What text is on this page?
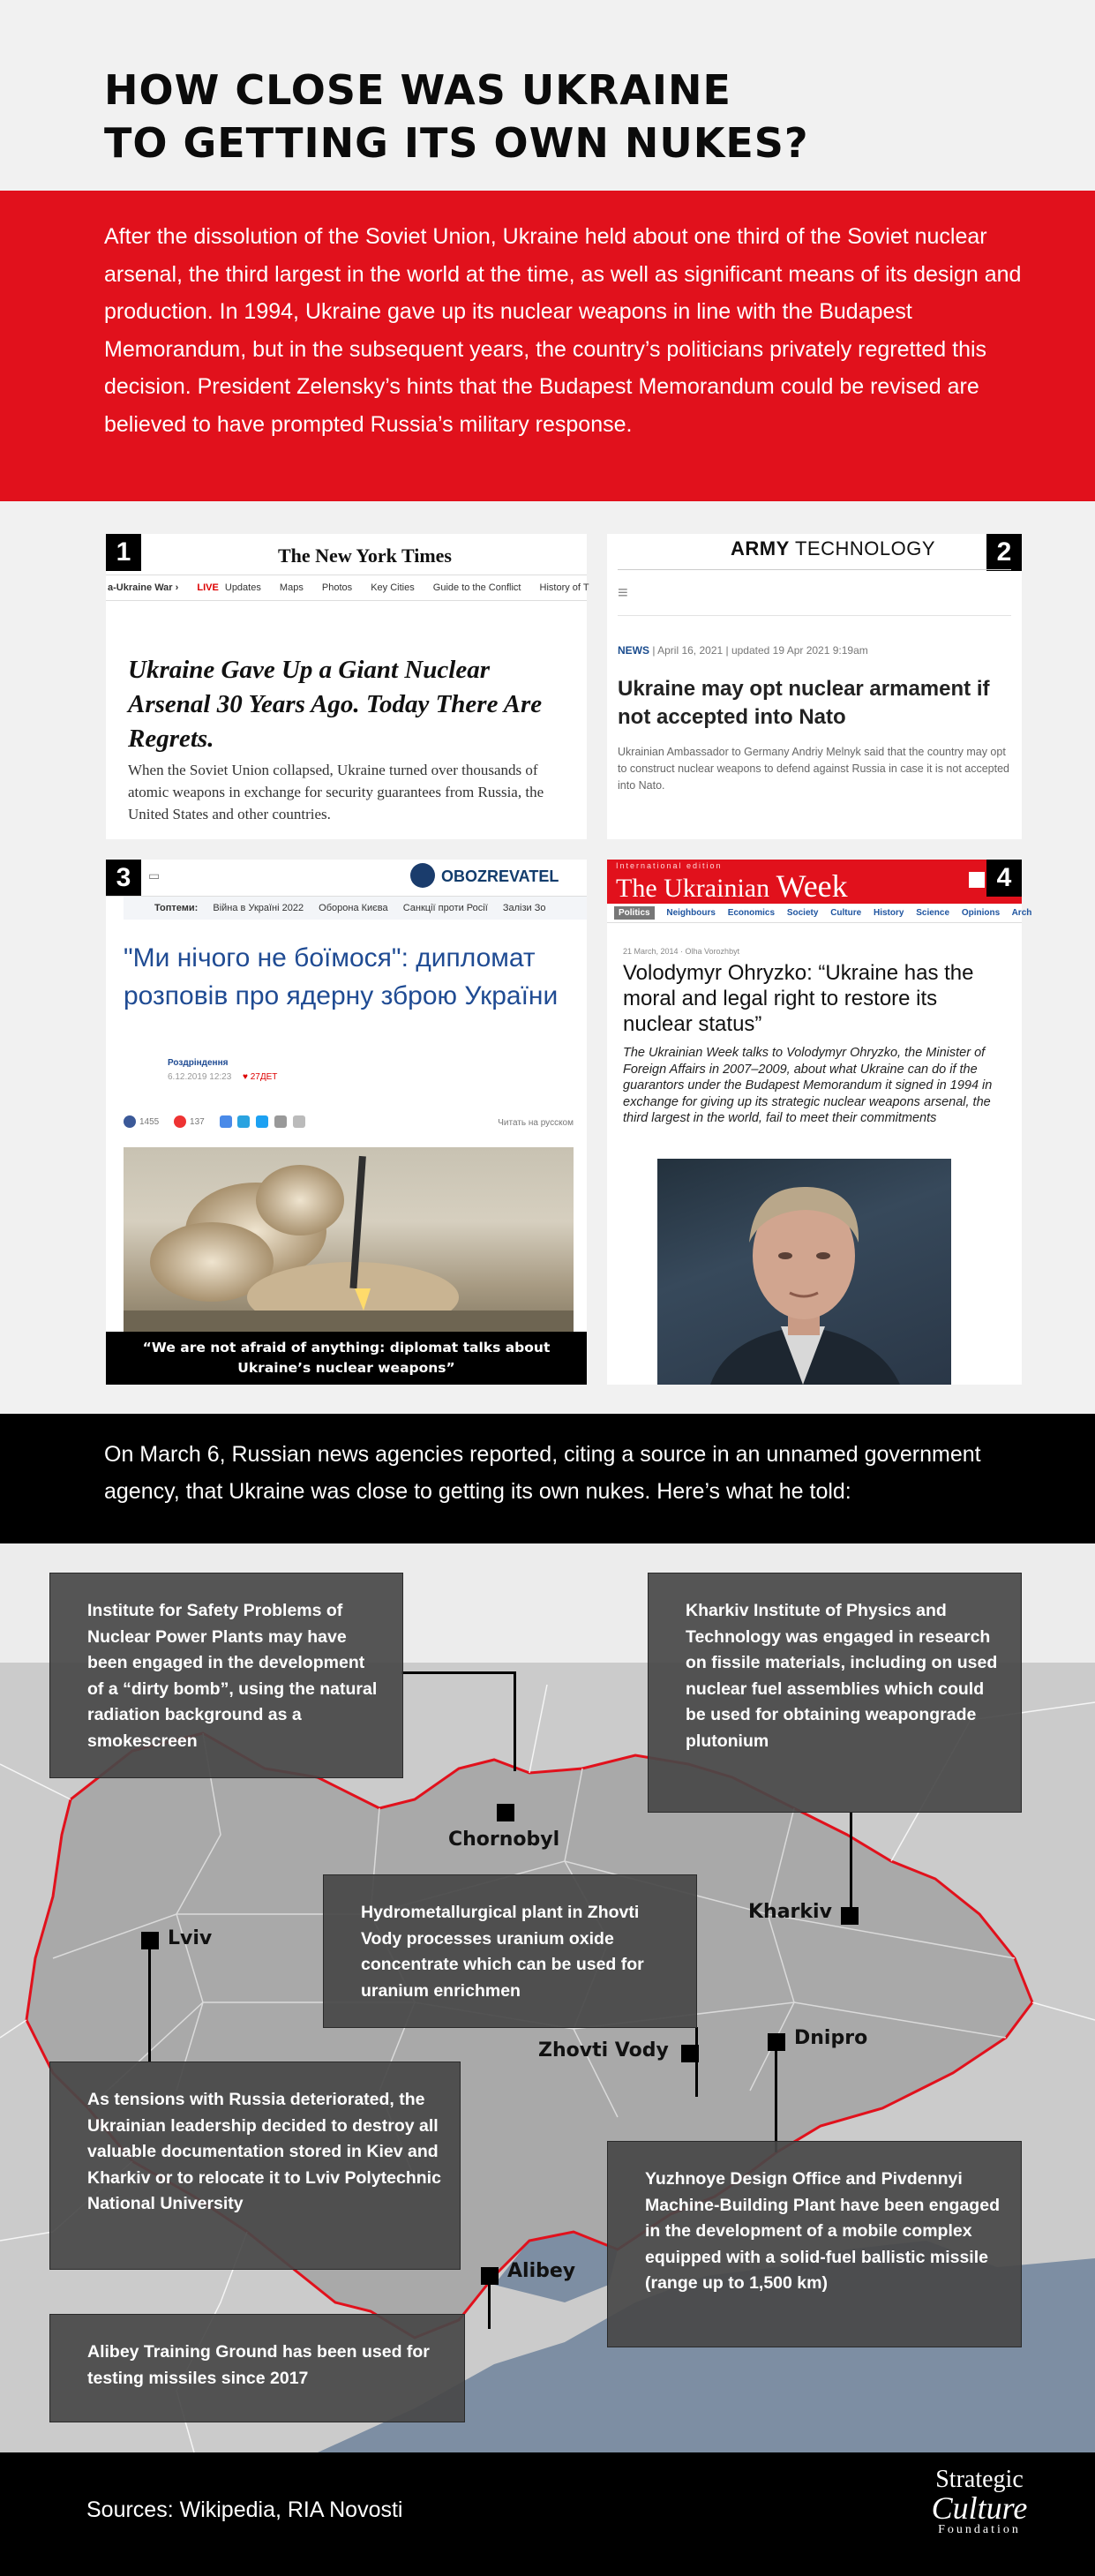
HOW CLOSE WAS UKRAINE
TO GETTING ITS OWN NUKES?

After the dissolution of the Soviet Union, Ukraine held about one third of the Soviet nuclear arsenal, the third largest in the world at the time, as well as significant means of its design and production. In 1994, Ukraine gave up its nuclear weapons in line with the Budapest Memorandum, but in the subsequent years, the country’s politicians privately regretted this decision. President Zelensky’s hints that the Budapest Memorandum could be revised are believed to have prompted Russia’s military response.

1	The New York Times
a-Ukraine War › LIVE Updates Maps Photos Key Cities Guide to the Conflict History of T
Ukraine Gave Up a Giant Nuclear Arsenal 30 Years Ago. Today There Are Regrets.
When the Soviet Union collapsed, Ukraine turned over thousands of atomic weapons in exchange for security guarantees from Russia, the United States and other countries.
2
ARMY TECHNOLOGY
≡
NEWS | April 16, 2021 | updated 19 Apr 2021 9:19am
Ukraine may opt nuclear armament if not accepted into Nato
Ukrainian Ambassador to Germany Andriy Melnyk said that the country may opt to construct nuclear weapons to defend against Russia in case it is not accepted into Nato.
3	▭	OBOZREVATEL
Топтеми: Війна в Україні 2022 Оборона Києва Санкції проти Росії Залізи Зо
"Ми нічого не боїмося": дипломат розповів про ядерну зброю України
Роздріндення
6.12.2019 12:23 ♥ 27ДЕТ
1455	137	Читать на русском
“We are not afraid of anything: diplomat talks about Ukraine’s nuclear weapons”
International edition
The Ukrainian Week	4
Politics Neighbours Economics Society Culture History Science Opinions Arch
21 March, 2014 · Olha Vorozhbyt
Volodymyr Ohryzko: “Ukraine has the moral and legal right to restore its nuclear status”
The Ukrainian Week talks to Volodymyr Ohryzko, the Minister of Foreign Affairs in 2007–2009, about what Ukraine can do if the guarantors under the Budapest Memorandum it signed in 1994 in exchange for giving up its strategic nuclear weapons arsenal, the third largest in the world, fail to meet their commitments

On March 6, Russian news agencies reported, citing a source in an unnamed government agency, that Ukraine was close to getting its own nukes. Here’s what he told:

Chornobyl
Kharkiv
Lviv
Zhovti Vody
Dnipro
Alibey
Institute for Safety Problems of Nuclear Power Plants may have been engaged in the development of a “dirty bomb”, using the natural radiation background as a smokescreen
Kharkiv Institute of Physics and Technology was engaged in research on fissile materials, including on used nuclear fuel assemblies which could be used for obtaining weapongrade plutonium
Hydrometallurgical plant in Zhovti Vody processes uranium oxide concentrate which can be used for uranium enrichmen
As tensions with Russia deteriorated, the Ukrainian leadership decided to destroy all valuable documentation stored in Kiev and Kharkiv or to relocate it to Lviv Polytechnic National University
Yuzhnoye Design Office and Pivdennyi Machine-Building Plant have been engaged in the development of a mobile complex equipped with a solid-fuel ballistic missile (range up to 1,500 km)
Alibey Training Ground has been used for testing missiles since 2017
Sources: Wikipedia, RIA Novosti
Strategic
Culture
Foundation
